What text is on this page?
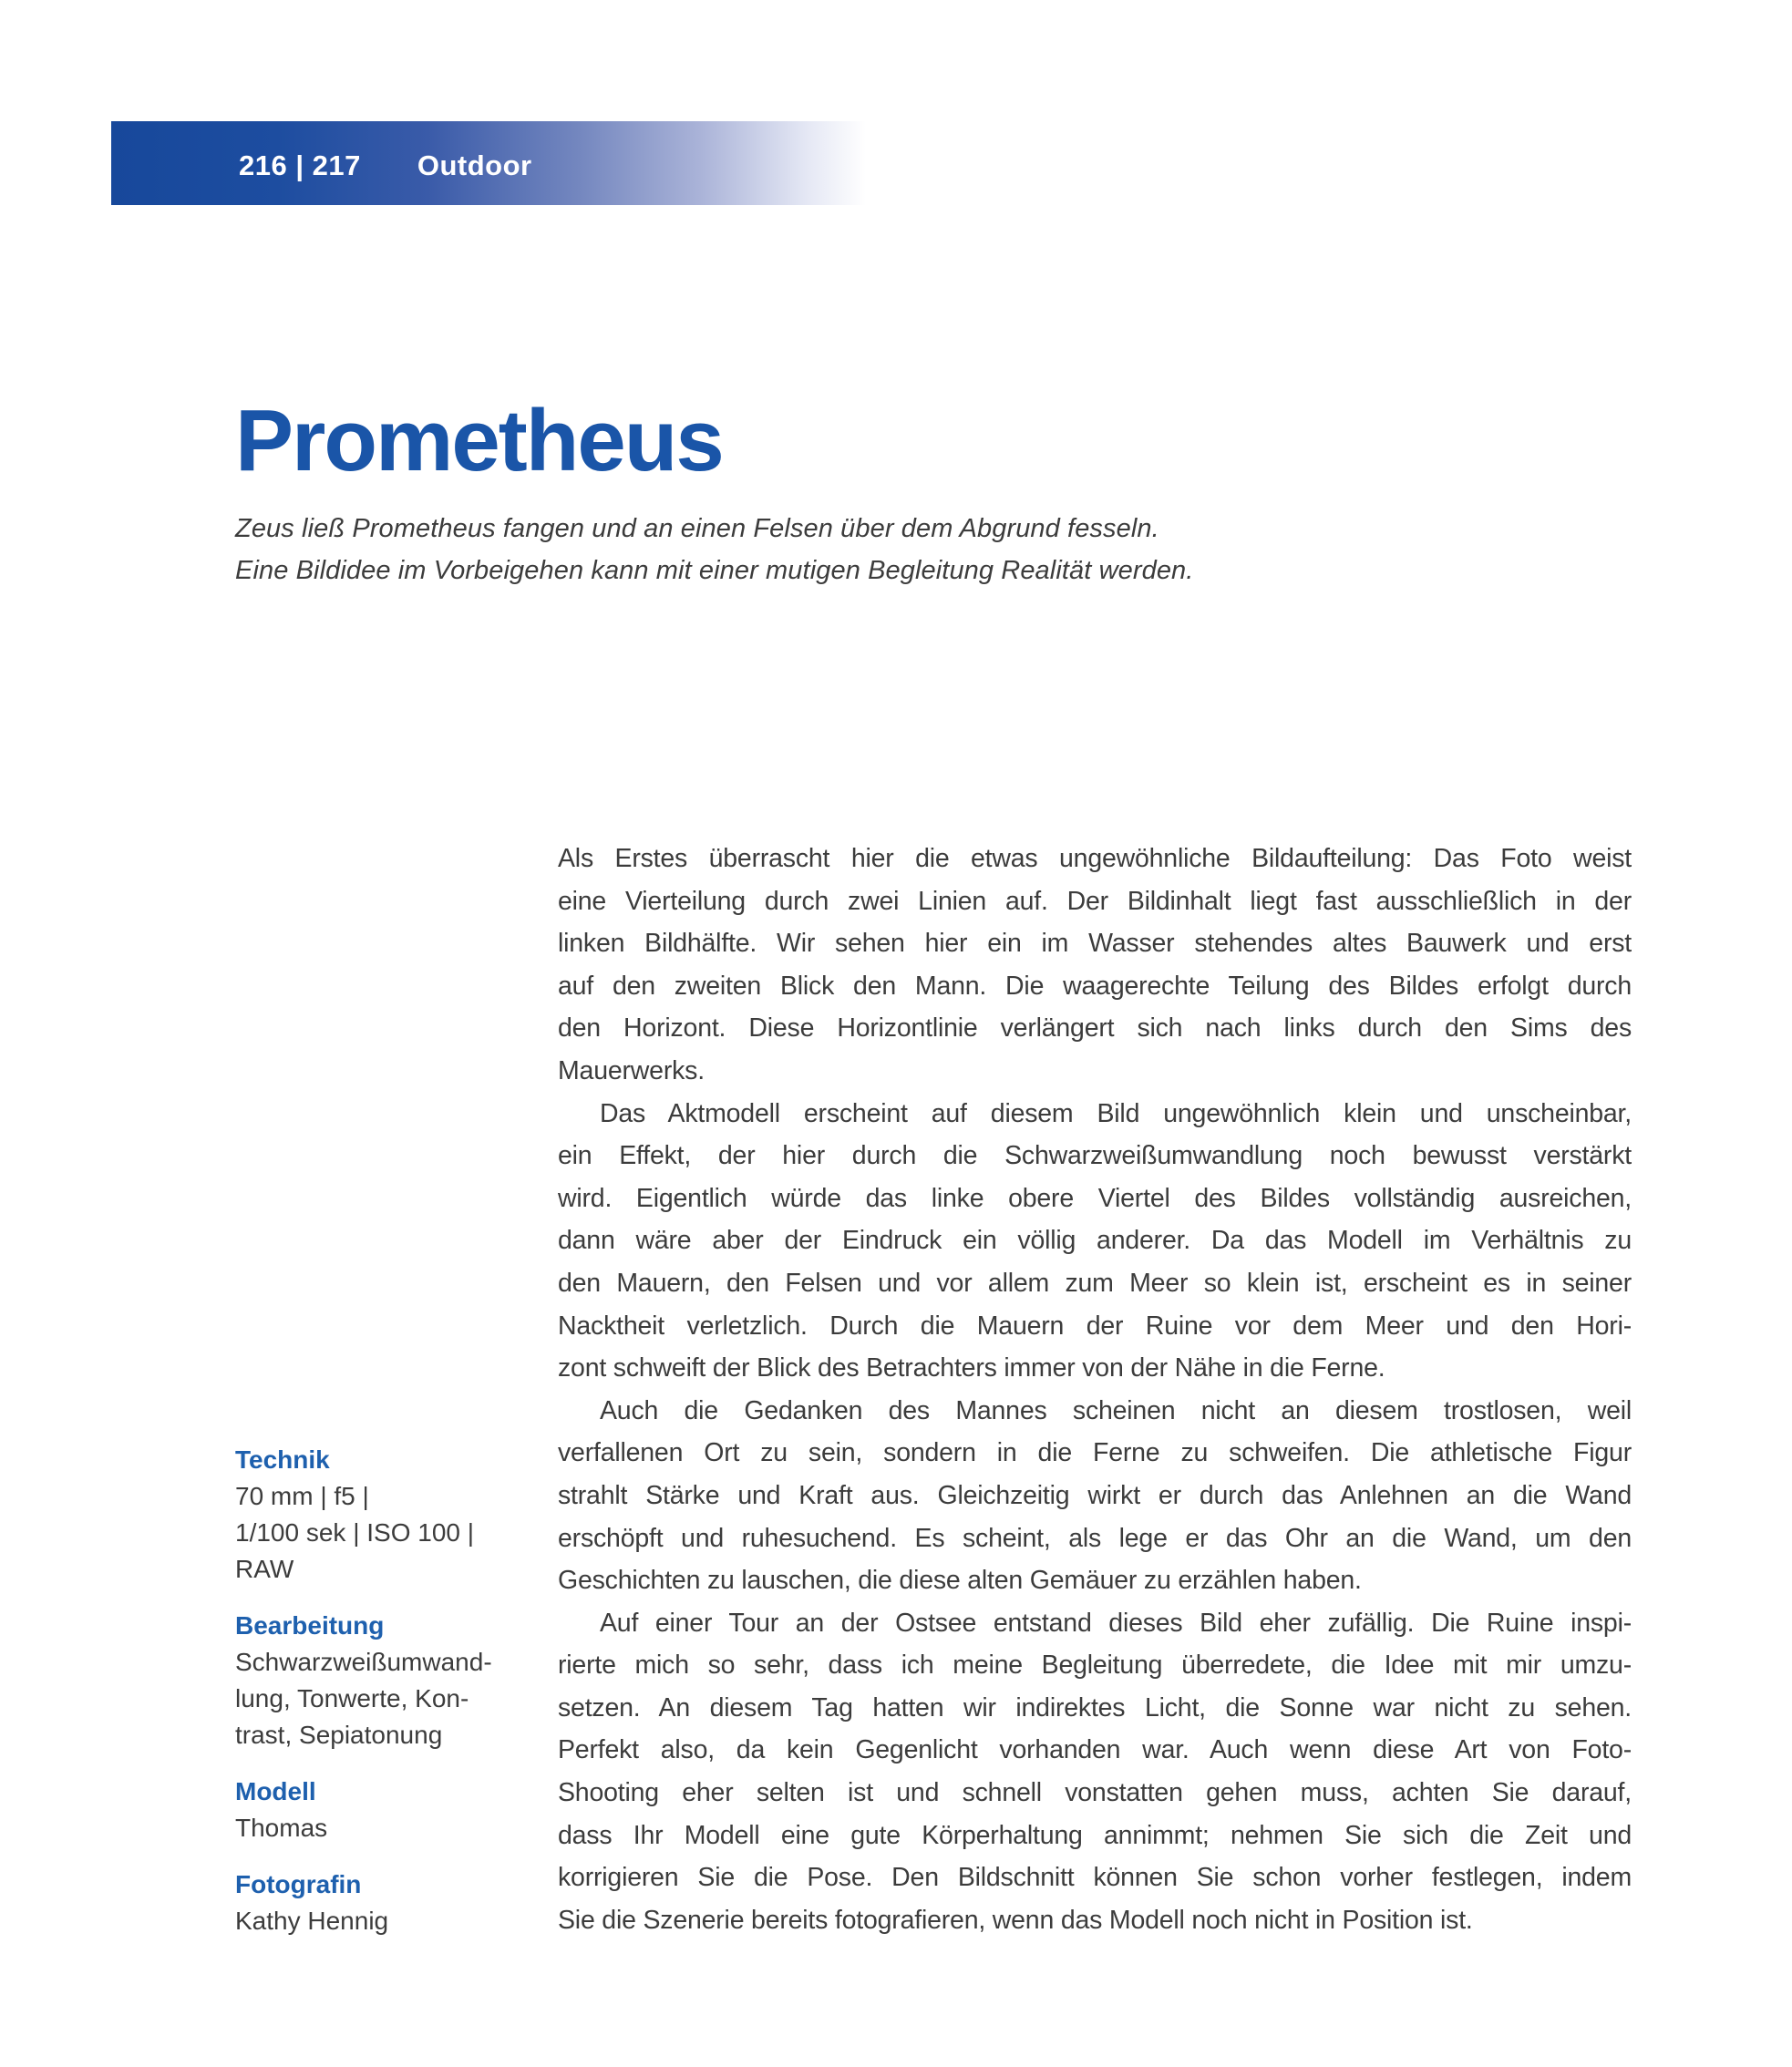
216 | 217 Outdoor
Prometheus

Zeus ließ Prometheus fangen und an einen Felsen über dem Abgrund fesseln.
Eine Bildidee im Vorbeigehen kann mit einer mutigen Begleitung Realität werden.

Technik
70 mm | f5 |
1/100 sek | ISO 100 |
RAW
Bearbeitung
Schwarzweißumwand-
lung, Tonwerte, Kon-
trast, Sepiatonung
Modell
Thomas
Fotografin
Kathy Hennig
Als Erstes überrascht hier die etwas ungewöhnliche Bildaufteilung: Das Foto weist
eine Vierteilung durch zwei Linien auf. Der Bildinhalt liegt fast ausschließlich in der
linken Bildhälfte. Wir sehen hier ein im Wasser stehendes altes Bauwerk und erst
auf den zweiten Blick den Mann. Die waagerechte Teilung des Bildes erfolgt durch
den Horizont. Diese Horizontlinie verlängert sich nach links durch den Sims des
Mauerwerks.
Das Aktmodell erscheint auf diesem Bild ungewöhnlich klein und unscheinbar,
ein Effekt, der hier durch die Schwarzweißumwandlung noch bewusst verstärkt
wird. Eigentlich würde das linke obere Viertel des Bildes vollständig ausreichen,
dann wäre aber der Eindruck ein völlig anderer. Da das Modell im Verhältnis zu
den Mauern, den Felsen und vor allem zum Meer so klein ist, erscheint es in seiner
Nacktheit verletzlich. Durch die Mauern der Ruine vor dem Meer und den Hori-
zont schweift der Blick des Betrachters immer von der Nähe in die Ferne.
Auch die Gedanken des Mannes scheinen nicht an diesem trostlosen, weil
verfallenen Ort zu sein, sondern in die Ferne zu schweifen. Die athletische Figur
strahlt Stärke und Kraft aus. Gleichzeitig wirkt er durch das Anlehnen an die Wand
erschöpft und ruhesuchend. Es scheint, als lege er das Ohr an die Wand, um den
Geschichten zu lauschen, die diese alten Gemäuer zu erzählen haben.
Auf einer Tour an der Ostsee entstand dieses Bild eher zufällig. Die Ruine inspi-
rierte mich so sehr, dass ich meine Begleitung überredete, die Idee mit mir umzu-
setzen. An diesem Tag hatten wir indirektes Licht, die Sonne war nicht zu sehen.
Perfekt also, da kein Gegenlicht vorhanden war. Auch wenn diese Art von Foto-
Shooting eher selten ist und schnell vonstatten gehen muss, achten Sie darauf,
dass Ihr Modell eine gute Körperhaltung annimmt; nehmen Sie sich die Zeit und
korrigieren Sie die Pose. Den Bildschnitt können Sie schon vorher festlegen, indem
Sie die Szenerie bereits fotografieren, wenn das Modell noch nicht in Position ist.
